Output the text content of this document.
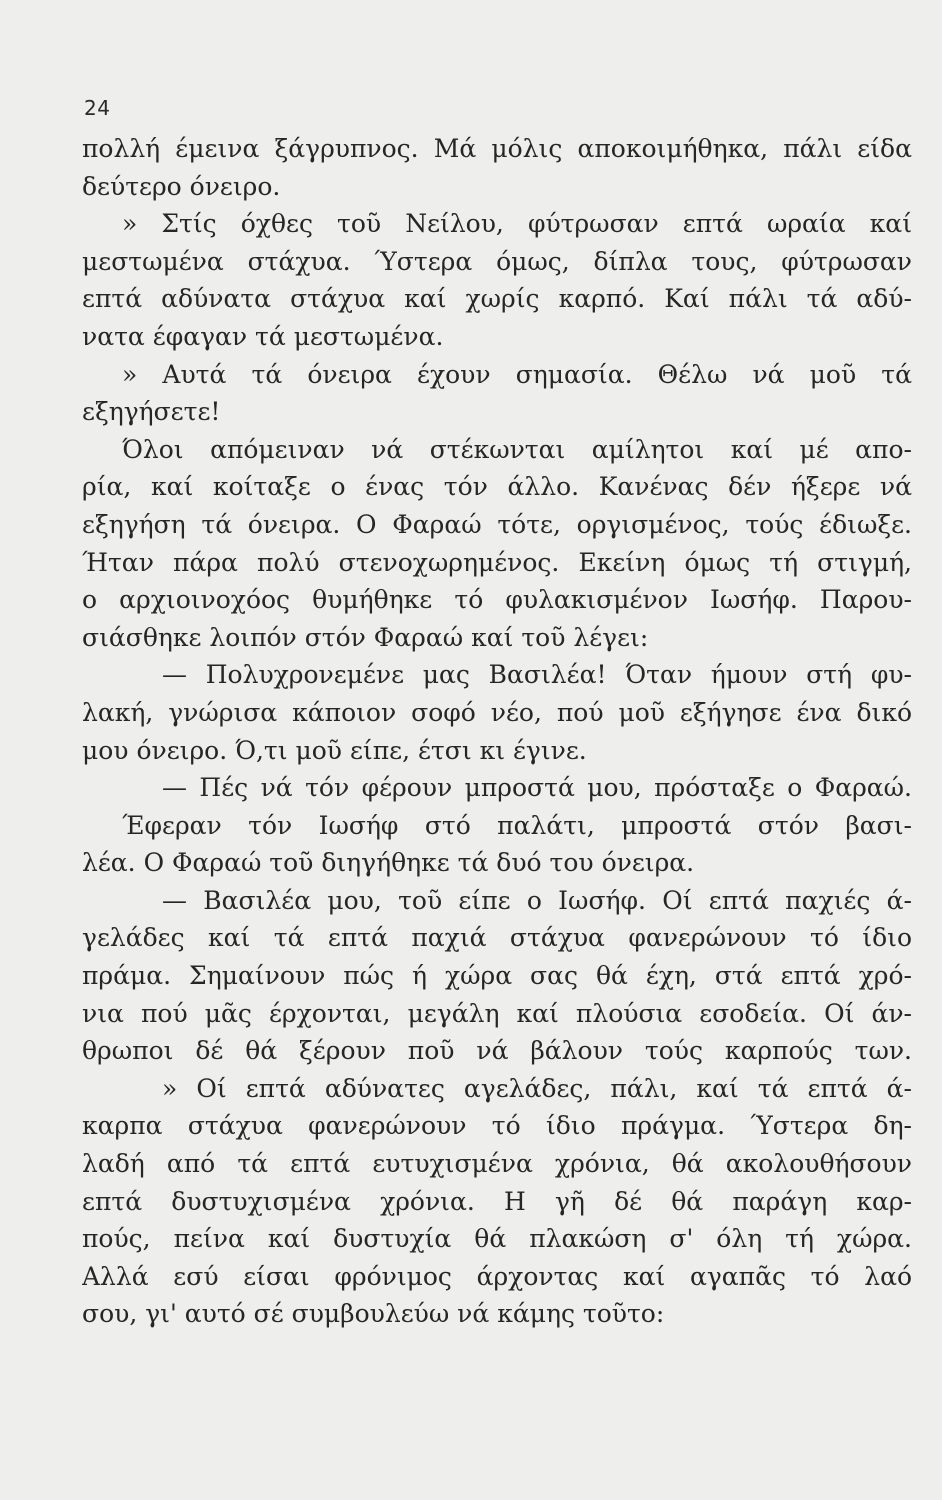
24
πολλή έμεινα ξάγρυπνος. Μά μόλις αποκοιμήθηκα, πάλι είδα
δεύτερο όνειρο.
» Στίς όχθες τοῦ Νείλου, φύτρωσαν επτά ωραία καί
μεστωμένα στάχυα. Ύστερα όμως, δίπλα τους, φύτρωσαν
επτά αδύνατα στάχυα καί χωρίς καρπό. Καί πάλι τά αδύ-
νατα έφαγαν τά μεστωμένα.
» Αυτά τά όνειρα έχουν σημασία. Θέλω νά μοῦ τά
εξηγήσετε!
Όλοι απόμειναν νά στέκωνται αμίλητοι καί μέ απο-
ρία, καί κοίταξε ο ένας τόν άλλο. Κανένας δέν ήξερε νά
εξηγήση τά όνειρα. Ο Φαραώ τότε, οργισμένος, τούς έδιωξε.
Ήταν πάρα πολύ στενοχωρημένος. Εκείνη όμως τή στιγμή,
ο αρχιοινοχόος θυμήθηκε τό φυλακισμένον Ιωσήφ. Παρου-
σιάσθηκε λοιπόν στόν Φαραώ καί τοῦ λέγει:
— Πολυχρονεμένε μας Βασιλέα! Όταν ήμουν στή φυ-
λακή, γνώρισα κάποιον σοφό νέο, πού μοῦ εξήγησε ένα δικό
μου όνειρο. Ό,τι μοῦ είπε, έτσι κι έγινε.
— Πές νά τόν φέρουν μπροστά μου, πρόσταξε ο Φαραώ.
Έφεραν τόν Ιωσήφ στό παλάτι, μπροστά στόν βασι-
λέα. Ο Φαραώ τοῦ διηγήθηκε τά δυό του όνειρα.
— Βασιλέα μου, τοῦ είπε ο Ιωσήφ. Οί επτά παχιές ά-
γελάδες καί τά επτά παχιά στάχυα φανερώνουν τό ίδιο
πράμα. Σημαίνουν πώς ή χώρα σας θά έχη, στά επτά χρό-
νια πού μᾶς έρχονται, μεγάλη καί πλούσια εσοδεία. Οί άν-
θρωποι δέ θά ξέρουν ποῦ νά βάλουν τούς καρπούς των.
» Οί επτά αδύνατες αγελάδες, πάλι, καί τά επτά ά-
καρπα στάχυα φανερώνουν τό ίδιο πράγμα. Ύστερα δη-
λαδή από τά επτά ευτυχισμένα χρόνια, θά ακολουθήσουν
επτά δυστυχισμένα χρόνια. Η γῆ δέ θά παράγη καρ-
πούς, πείνα καί δυστυχία θά πλακώση σ' όλη τή χώρα.
Αλλά εσύ είσαι φρόνιμος άρχοντας καί αγαπᾶς τό λαό
σου, γι' αυτό σέ συμβουλεύω νά κάμης τοῦτο:
